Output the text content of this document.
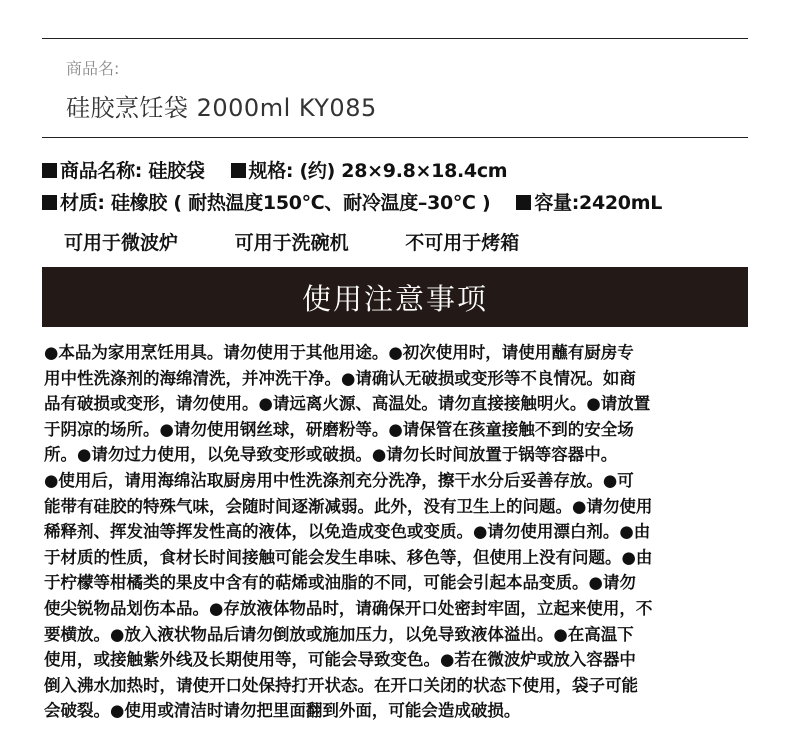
商品名:
硅胶烹饪袋 2000ml KY085
商品名称: 硅胶袋 规格: (约) 28×9.8×18.4cm
材质: 硅橡胶 ( 耐热温度150℃、耐冷温度–30℃ ) 容量:2420mL
可用于微波炉	可用于洗碗机	不可用于烤箱
使用注意事项
●本品为家用烹饪用具。请勿使用于其他用途。●初次使用时，请使用蘸有厨房专
用中性洗涤剂的海绵清洗，并冲洗干净。●请确认无破损或变形等不良情况。如商
品有破损或变形，请勿使用。●请远离火源、高温处。请勿直接接触明火。●请放置
于阴凉的场所。●请勿使用钢丝球，研磨粉等。●请保管在孩童接触不到的安全场
所。●请勿过力使用，以免导致变形或破损。●请勿长时间放置于锅等容器中。
●使用后，请用海绵沾取厨房用中性洗涤剂充分洗净，擦干水分后妥善存放。●可
能带有硅胶的特殊气味，会随时间逐渐减弱。此外，没有卫生上的问题。●请勿使用
稀释剂、挥发油等挥发性高的液体，以免造成变色或变质。●请勿使用漂白剂。●由
于材质的性质，食材长时间接触可能会发生串味、移色等，但使用上没有问题。●由
于柠檬等柑橘类的果皮中含有的萜烯或油脂的不同，可能会引起本品变质。●请勿
使尖锐物品划伤本品。●存放液体物品时，请确保开口处密封牢固，立起来使用，不
要横放。●放入液状物品后请勿倒放或施加压力，以免导致液体溢出。●在高温下
使用，或接触紫外线及长期使用等，可能会导致变色。●若在微波炉或放入容器中
倒入沸水加热时，请使开口处保持打开状态。在开口关闭的状态下使用，袋子可能
会破裂。●使用或清洁时请勿把里面翻到外面，可能会造成破损。
